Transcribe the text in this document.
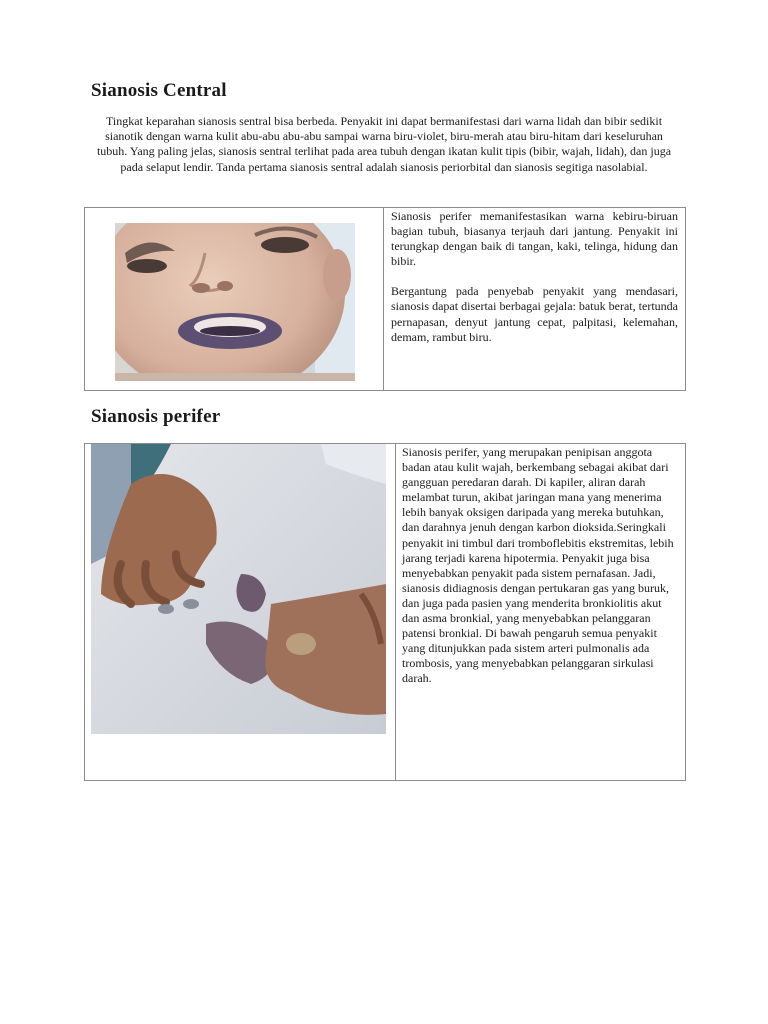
Sianosis Central

Tingkat keparahan sianosis sentral bisa berbeda. Penyakit ini dapat bermanifestasi dari warna lidah dan bibir sedikit sianotik dengan warna kulit abu-abu abu-abu sampai warna biru-violet, biru-merah atau biru-hitam dari keseluruhan tubuh. Yang paling jelas, sianosis sentral terlihat pada area tubuh dengan ikatan kulit tipis (bibir, wajah, lidah), dan juga pada selaput lendir. Tanda pertama sianosis sentral adalah sianosis periorbital dan sianosis segitiga nasolabial.

Sianosis perifer memanifestasikan warna kebiru-biruan bagian tubuh, biasanya terjauh dari jantung. Penyakit ini terungkap dengan baik di tangan, kaki, telinga, hidung dan bibir.

Bergantung pada penyebab penyakit yang mendasari, sianosis dapat disertai berbagai gejala: batuk berat, tertunda pernapasan, denyut jantung cepat, palpitasi, kelemahan, demam, rambut biru.

Sianosis perifer

Sianosis perifer, yang merupakan penipisan anggota badan atau kulit wajah, berkembang sebagai akibat dari gangguan peredaran darah. Di kapiler, aliran darah melambat turun, akibat jaringan mana yang menerima lebih banyak oksigen daripada yang mereka butuhkan, dan darahnya jenuh dengan karbon dioksida.Seringkali penyakit ini timbul dari tromboflebitis ekstremitas, lebih jarang terjadi karena hipotermia. Penyakit juga bisa menyebabkan penyakit pada sistem pernafasan. Jadi, sianosis didiagnosis dengan pertukaran gas yang buruk, dan juga pada pasien yang menderita bronkiolitis akut dan asma bronkial, yang menyebabkan pelanggaran patensi bronkial. Di bawah pengaruh semua penyakit yang ditunjukkan pada sistem arteri pulmonalis ada trombosis, yang menyebabkan pelanggaran sirkulasi darah.
